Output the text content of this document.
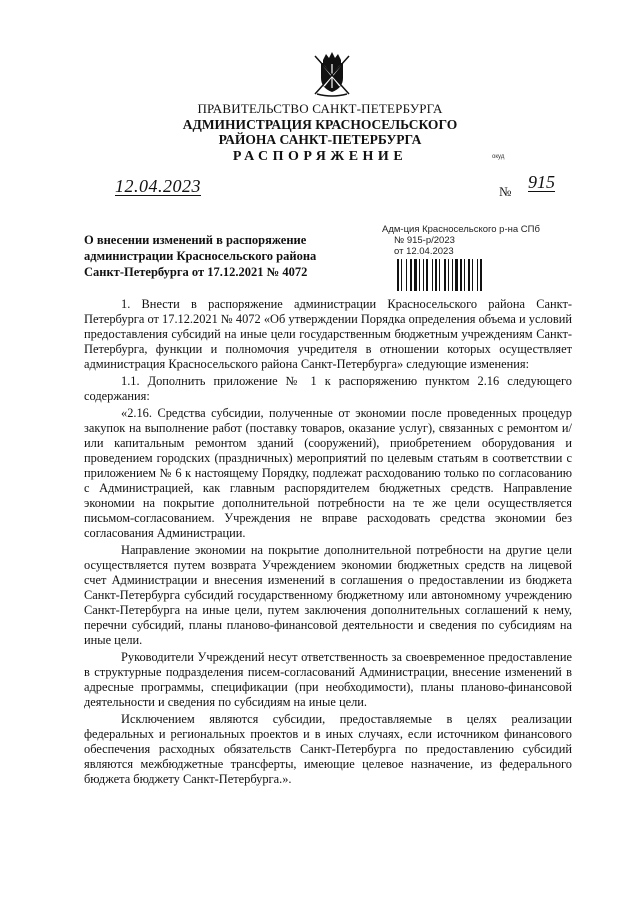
ПРАВИТЕЛЬСТВО САНКТ-ПЕТЕРБУРГА
АДМИНИСТРАЦИЯ КРАСНОСЕЛЬСКОГО
РАЙОНА САНКТ-ПЕТЕРБУРГА
РАСПОРЯЖЕНИЕ	окуд
12.04.2023	№ 915
О внесении изменений в распоряжение
администрации Красносельского района
Санкт-Петербурга от 17.12.2021 № 4072
Адм-ция Красносельского р-на СПб
№ 915-р/2023
от 12.04.2023

1. Внести в распоряжение администрации Красносельского района Санкт-Петербурга от 17.12.2021 № 4072 «Об утверждении Порядка определения объема и условий предоставления субсидий на иные цели государственным бюджетным учреждениям Санкт-Петербурга, функции и полномочия учредителя в отношении которых осуществляет администрация Красносельского района Санкт-Петербурга» следующие изменения:

1.1. Дополнить приложение № 1 к распоряжению пунктом 2.16 следующего содержания:

«2.16. Средства субсидии, полученные от экономии после проведенных процедур закупок на выполнение работ (поставку товаров, оказание услуг), связанных с ремонтом и/или капитальным ремонтом зданий (сооружений), приобретением оборудования и проведением городских (праздничных) мероприятий по целевым статьям в соответствии с приложением № 6 к настоящему Порядку, подлежат расходованию только по согласованию с Администрацией, как главным распорядителем бюджетных средств. Направление экономии на покрытие дополнительной потребности на те же цели осуществляется письмом-согласованием. Учреждения не вправе расходовать средства экономии без согласования Администрации.

Направление экономии на покрытие дополнительной потребности на другие цели осуществляется путем возврата Учреждением экономии бюджетных средств на лицевой счет Администрации и внесения изменений в соглашения о предоставлении из бюджета Санкт-Петербурга субсидий государственному бюджетному или автономному учреждению Санкт-Петербурга на иные цели, путем заключения дополнительных соглашений к нему, перечни субсидий, планы планово-финансовой деятельности и сведения по субсидиям на иные цели.

Руководители Учреждений несут ответственность за своевременное предоставление в структурные подразделения писем-согласований Администрации, внесение изменений в адресные программы, спецификации (при необходимости), планы планово-финансовой деятельности и сведения по субсидиям на иные цели.

Исключением являются субсидии, предоставляемые в целях реализации федеральных и региональных проектов и в иных случаях, если источником финансового обеспечения расходных обязательств Санкт-Петербурга по предоставлению субсидий являются межбюджетные трансферты, имеющие целевое назначение, из федерального бюджета бюджету Санкт-Петербурга.».
